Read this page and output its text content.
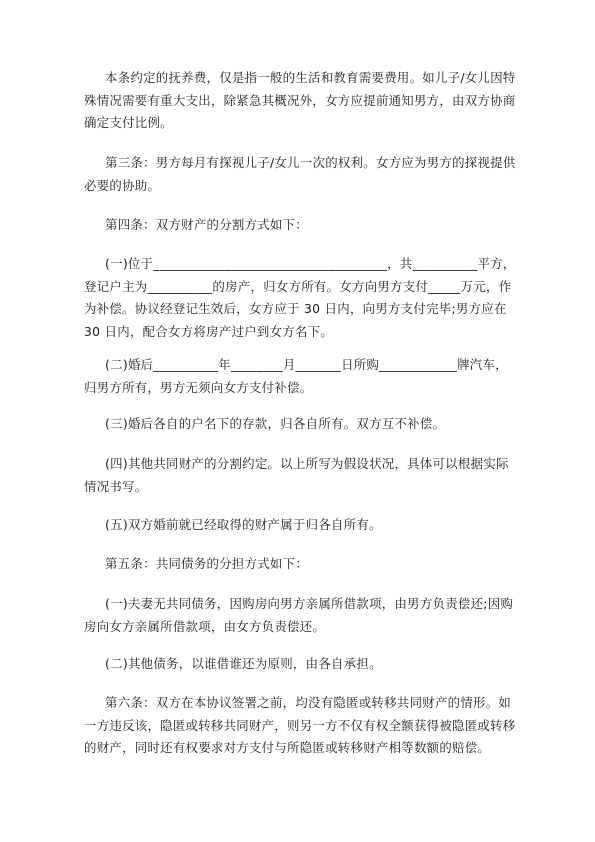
本条约定的抚养费，仅是指一般的生活和教育需要费用。如儿子/女儿因特殊情况需要有重大支出，除紧急其概况外，女方应提前通知男方，由双方协商确定支付比例。

第三条：男方每月有探视儿子/女儿一次的权利。女方应为男方的探视提供必要的协助。

第四条：双方财产的分割方式如下：

(一)位于____________________________________，共__________平方，登记户主为__________的房产，归女方所有。女方向男方支付_____万元，作为补偿。协议经登记生效后，女方应于 30 日内，向男方支付完毕;男方应在 30 日内，配合女方将房产过户到女方名下。

(二)婚后__________年________月_______日所购____________牌汽车，归男方所有，男方无须向女方支付补偿。

(三)婚后各自的户名下的存款，归各自所有。双方互不补偿。

(四)其他共同财产的分割约定。以上所写为假设状况，具体可以根据实际情况书写。

(五)双方婚前就已经取得的财产属于归各自所有。

第五条：共同债务的分担方式如下：

(一)夫妻无共同债务，因购房向男方亲属所借款项，由男方负责偿还;因购房向女方亲属所借款项，由女方负责偿还。

(二)其他债务，以谁借谁还为原则，由各自承担。

第六条：双方在本协议签署之前，均没有隐匿或转移共同财产的情形。如一方违反该，隐匿或转移共同财产，则另一方不仅有权全额获得被隐匿或转移的财产，同时还有权要求对方支付与所隐匿或转移财产相等数额的赔偿。
